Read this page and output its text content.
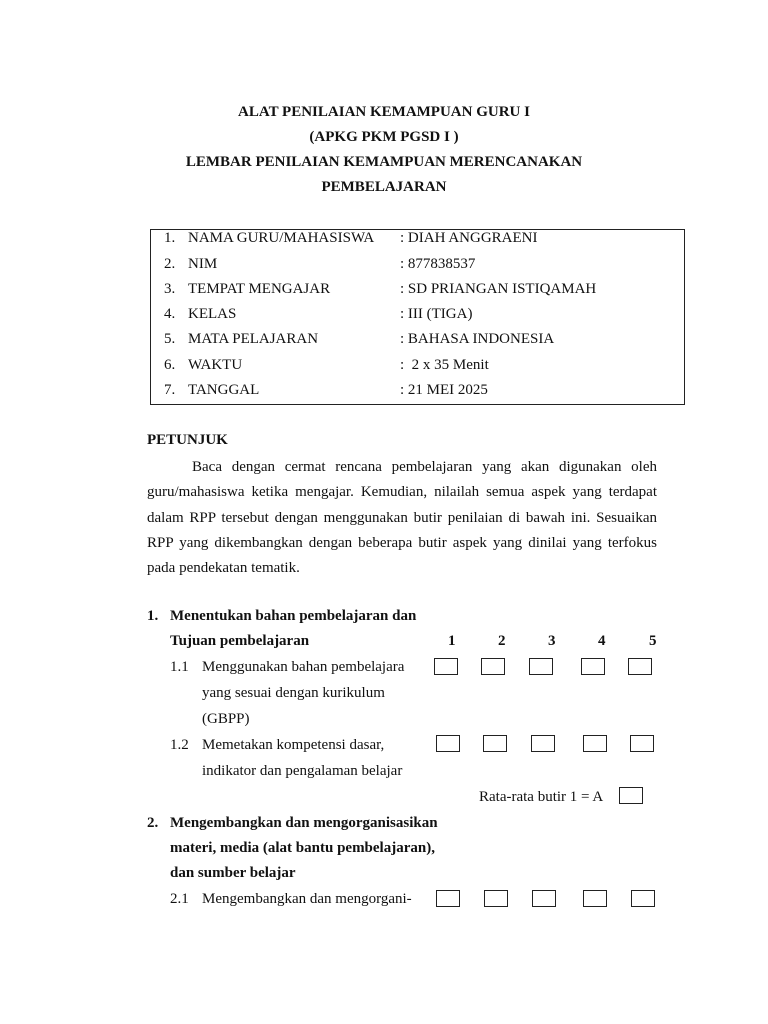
ALAT PENILAIAN KEMAMPUAN GURU I
(APKG PKM PGSD I )
LEMBAR PENILAIAN KEMAMPUAN MERENCANAKAN
PEMBELAJARAN
1. NAMA GURU/MAHASISWA : DIAH ANGGRAENI
2. NIM	: 877838537
3. TEMPAT MENGAJAR	: SD PRIANGAN ISTIQAMAH
4. KELAS	: III (TIGA)
5. MATA PELAJARAN	: BAHASA INDONESIA
6. WAKTU	:  2 x 35 Menit
7. TANGGAL	: 21 MEI 2025
PETUNJUK
Baca dengan cermat rencana pembelajaran yang akan digunakan oleh guru/mahasiswa ketika mengajar. Kemudian, nilailah semua aspek yang terdapat dalam RPP tersebut dengan menggunakan butir penilaian di bawah ini. Sesuaikan RPP yang dikembangkan dengan beberapa butir aspek yang dinilai yang terfokus pada pendekatan tematik.
1. Menentukan bahan pembelajaran dan
Tujuan pembelajaran	1	2	3	4	5
1.1 Menggunakan bahan pembelajara
yang sesuai dengan kurikulum
(GBPP)
1.2 Memetakan kompetensi dasar,
indikator dan pengalaman belajar
Rata-rata butir 1 = A
2. Mengembangkan dan mengorganisasikan
materi, media (alat bantu pembelajaran),
dan sumber belajar
2.1 Mengembangkan dan mengorgani-
